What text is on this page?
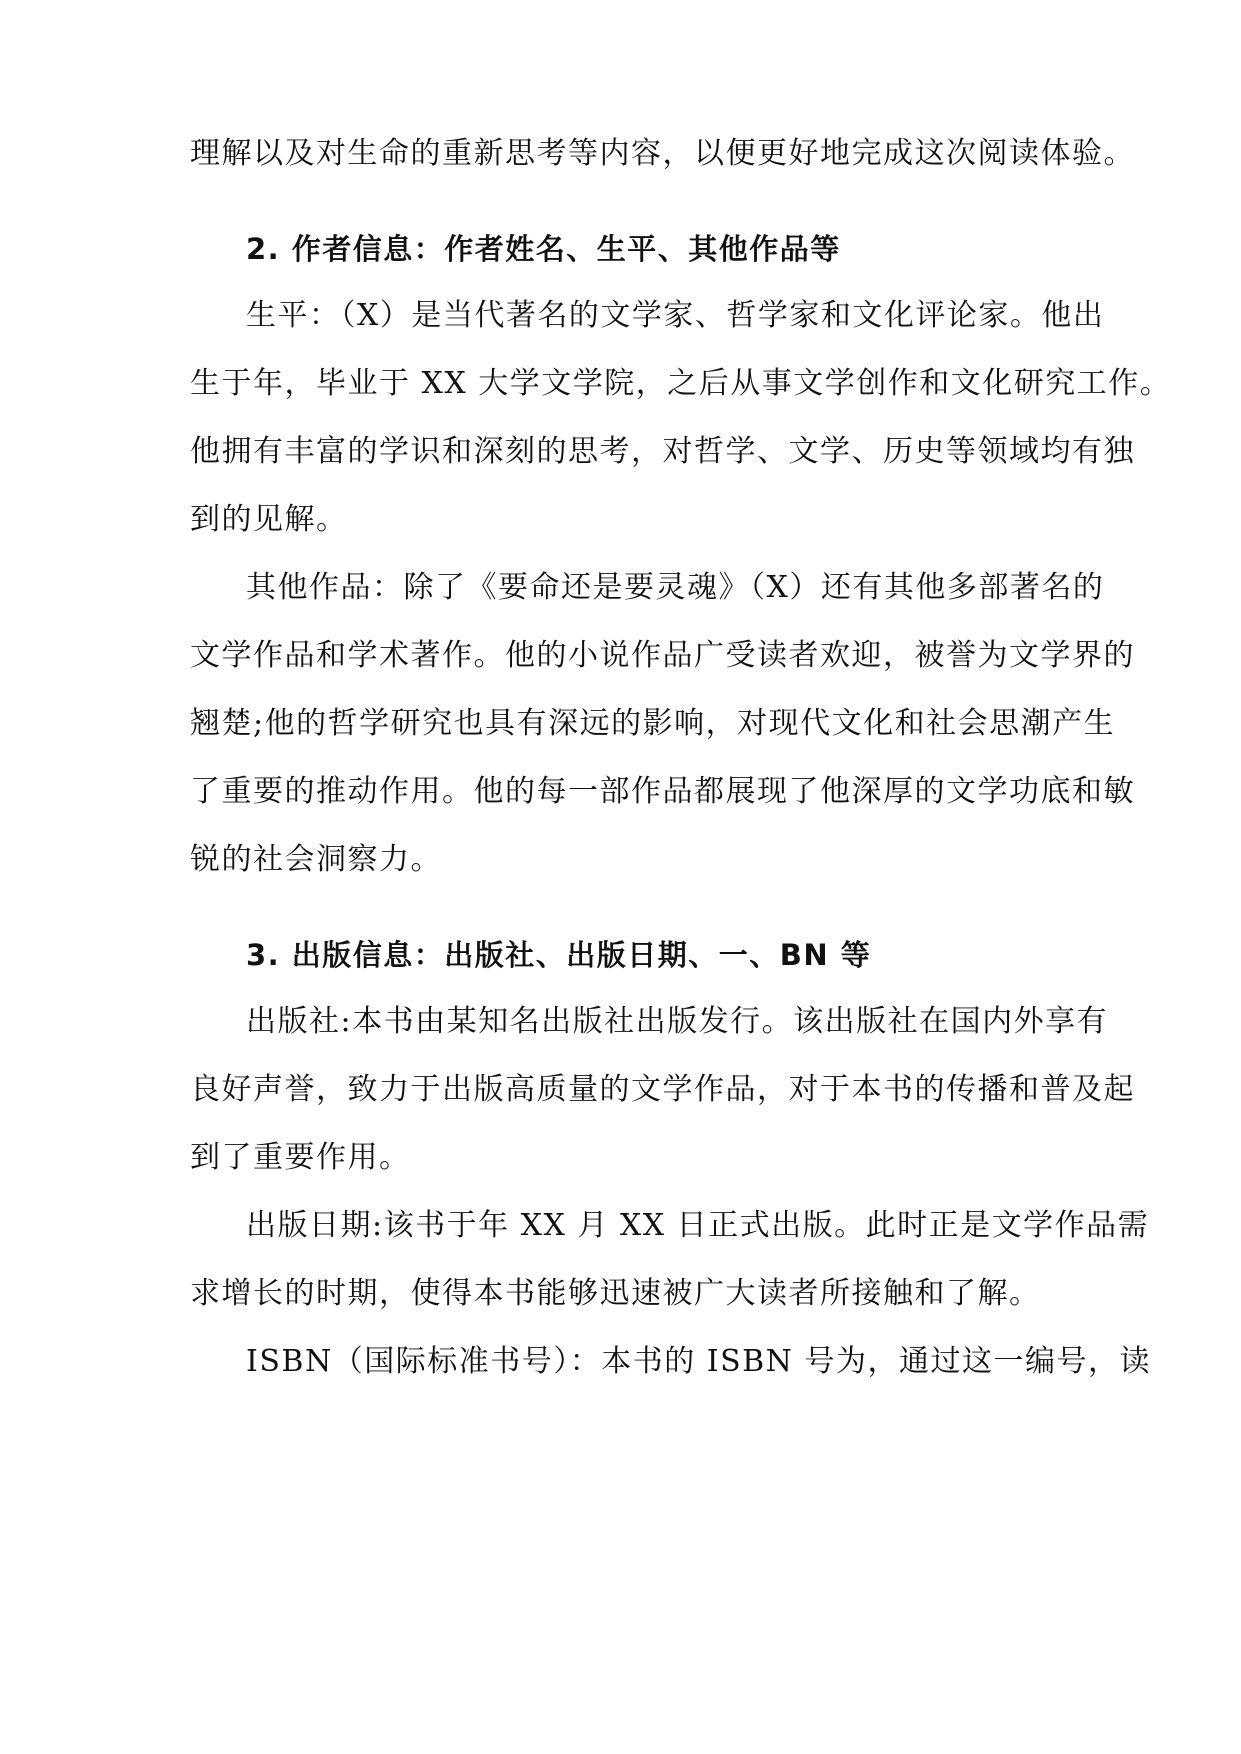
理解以及对生命的重新思考等内容，以便更好地完成这次阅读体验。
2. 作者信息：作者姓名、生平、其他作品等
生平：（X）是当代著名的文学家、哲学家和文化评论家。他出
生于年，毕业于 XX 大学文学院，之后从事文学创作和文化研究工作。
他拥有丰富的学识和深刻的思考，对哲学、文学、历史等领域均有独
到的见解。
其他作品：除了《要命还是要灵魂》（X）还有其他多部著名的
文学作品和学术著作。他的小说作品广受读者欢迎，被誉为文学界的
翘楚;他的哲学研究也具有深远的影响，对现代文化和社会思潮产生
了重要的推动作用。他的每一部作品都展现了他深厚的文学功底和敏
锐的社会洞察力。
3. 出版信息：出版社、出版日期、一、BN 等
出版社:本书由某知名出版社出版发行。该出版社在国内外享有
良好声誉，致力于出版高质量的文学作品，对于本书的传播和普及起
到了重要作用。
出版日期:该书于年 XX 月 XX 日正式出版。此时正是文学作品需
求增长的时期，使得本书能够迅速被广大读者所接触和了解。
ISBN（国际标准书号）：本书的 ISBN 号为，通过这一编号，读
